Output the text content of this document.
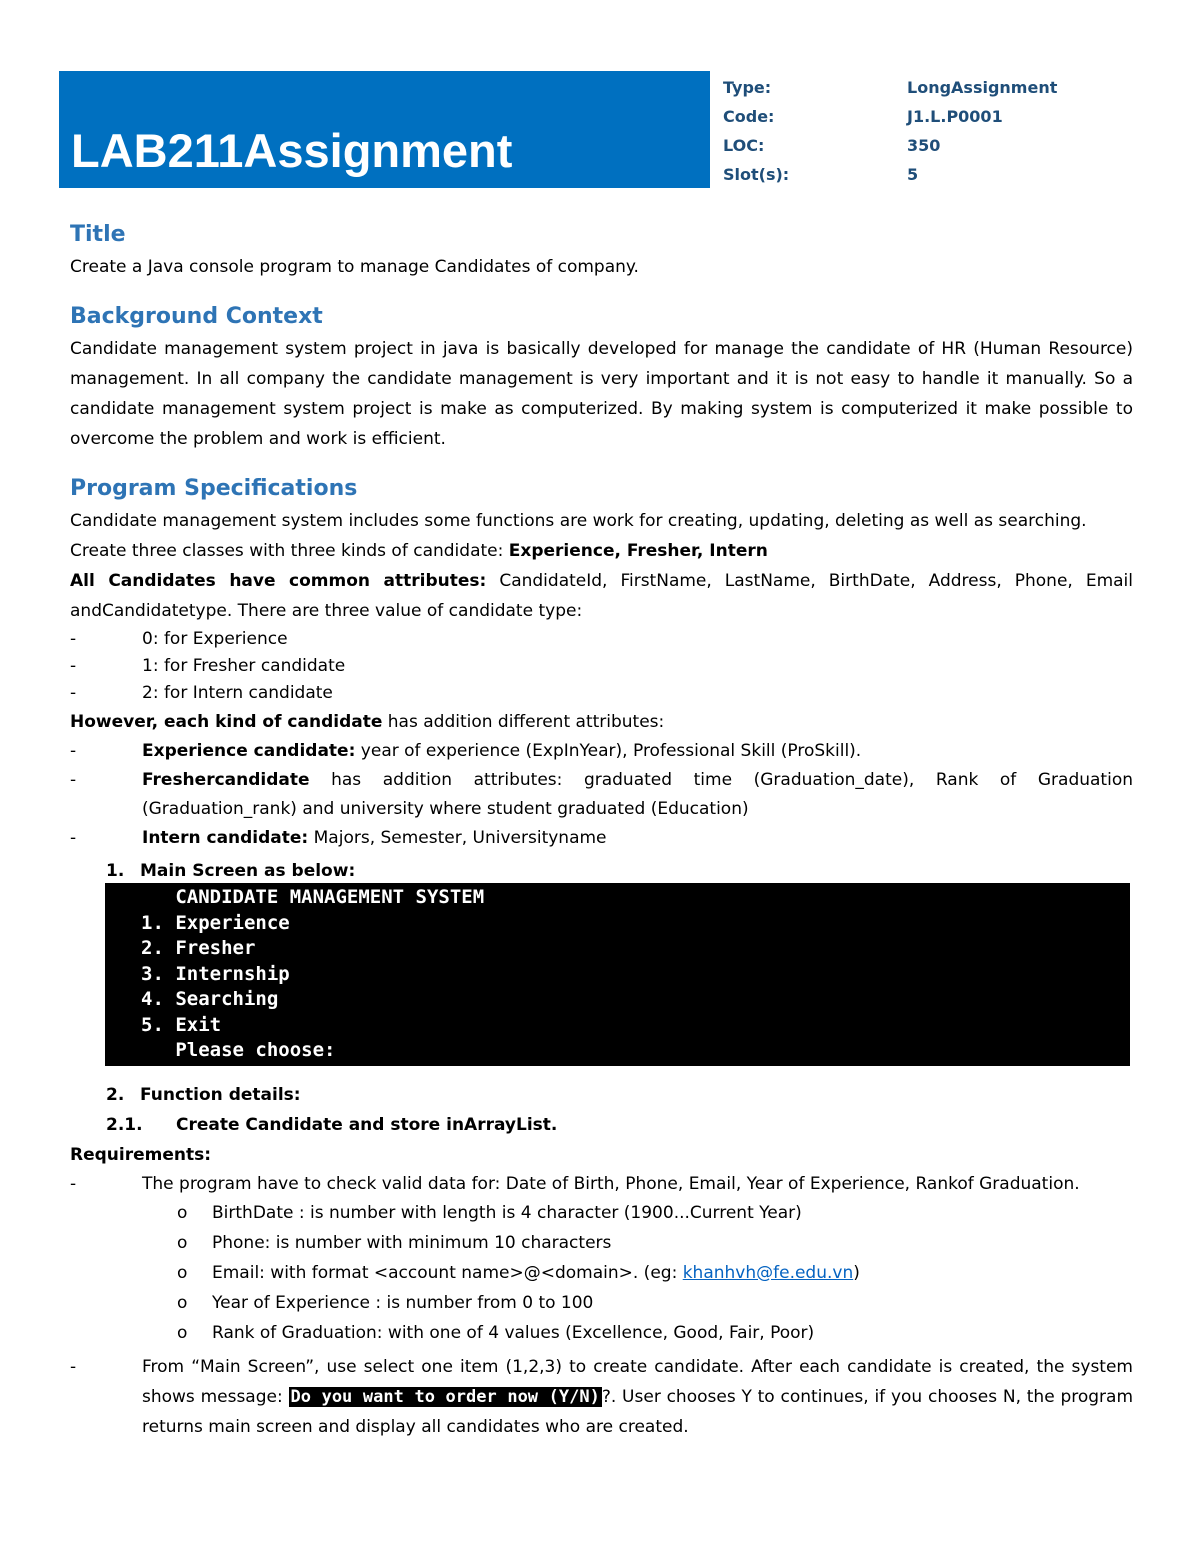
LAB211Assignment
Type:	LongAssignment
Code:	J1.L.P0001
LOC:	350
Slot(s):	5
Title

Create a Java console program to manage Candidates of company.

Background Context

Candidate management system project in java is basically developed for manage the candidate of HR (Human Resource) management. In all company the candidate management is very important and it is not easy to handle it manually. So a candidate management system project is make as computerized. By making system is computerized it make possible to overcome the problem and work is efficient.

Program Specifications

Candidate management system includes some functions are work for creating, updating, deleting as well as searching.

Create three classes with three kinds of candidate: Experience, Fresher, Intern

All Candidates have common attributes: CandidateId, FirstName, LastName, BirthDate, Address, Phone, Email andCandidatetype. There are three value of candidate type:

-	0: for Experience
-	1: for Fresher candidate
-	2: for Intern candidate

However, each kind of candidate has addition different attributes:

-	Experience candidate: year of experience (ExpInYear), Professional Skill (ProSkill).
-	Freshercandidate has addition attributes: graduated time (Graduation_date), Rank of Graduation (Graduation_rank) and university where student graduated (Education)
-	Intern candidate: Majors, Semester, Universityname
1. Main Screen as below:
CANDIDATE MANAGEMENT SYSTEM
1. Experience
2. Fresher
3. Internship
4. Searching
5. Exit
Please choose:
2. Function details:
2.1. Create Candidate and store inArrayList.

Requirements:

-	The program have to check valid data for: Date of Birth, Phone, Email, Year of Experience, Rankof Graduation.
o BirthDate : is number with length is 4 character (1900...Current Year)
o Phone: is number with minimum 10 characters
o Email: with format <account name>@<domain>. (eg: khanhvh@fe.edu.vn)
o Year of Experience : is number from 0 to 100
o Rank of Graduation: with one of 4 values (Excellence, Good, Fair, Poor)
-	From “Main Screen”, use select one item (1,2,3) to create candidate. After each candidate is created, the system shows message: Do you want to order now (Y/N) ?. User chooses Y to continues, if you chooses N, the program returns main screen and display all candidates who are created.
